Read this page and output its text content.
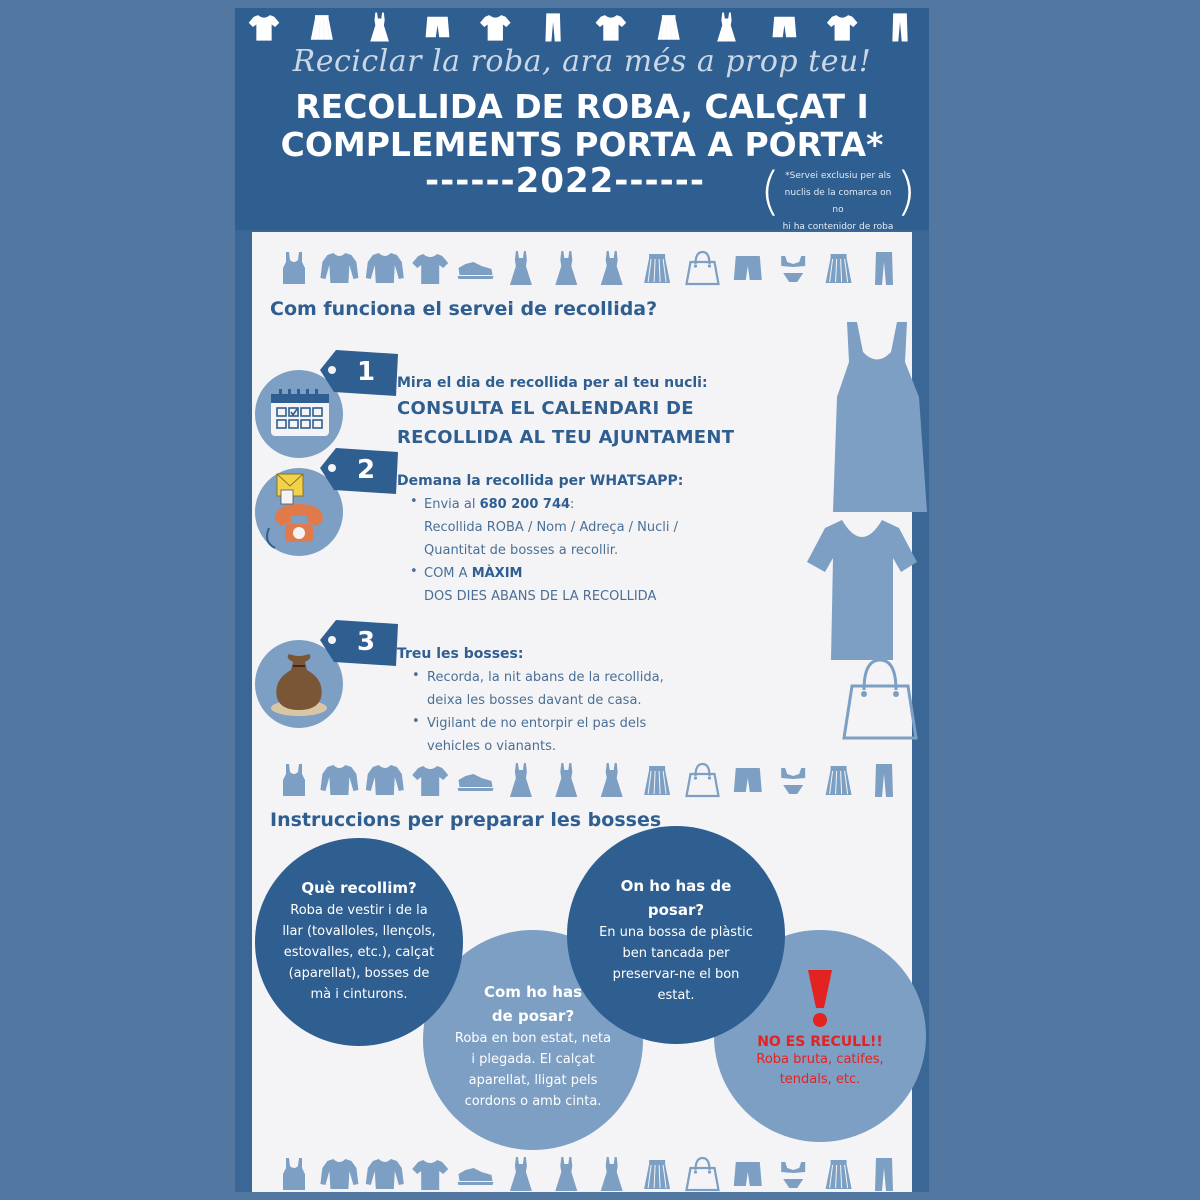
Reciclar la roba, ara més a prop teu!
RECOLLIDA DE ROBA, CALÇAT I
COMPLEMENTS PORTA A PORTA*
------2022------ ( *Servei exclusiu per als
nuclis de la comarca on no
hi ha contenidor de roba
)
Com funciona el servei de recollida?
1	Mira el dia de recollida per al teu nucli:
CONSULTA EL CALENDARI DE
RECOLLIDA AL TEU AJUNTAMENT
2	Demana la recollida per WHATSAPP:
• Envia al 680 200 744:
Recollida ROBA / Nom / Adreça / Nucli /
Quantitat de bosses a recollir.
• COM A MÀXIM
DOS DIES ABANS DE LA RECOLLIDA
3	Treu les bosses:
• Recorda, la nit abans de la recollida,
deixa les bosses davant de casa.
• Vigilant de no entorpir el pas dels
vehicles o vianants.
Instruccions per preparar les bosses
Com ho has
de posar?
Roba en bon estat, neta
i plegada. El calçat
aparellat, lligat pels
cordons o amb cinta.
NO ES RECULL!!
Roba bruta, catifes,
tendals, etc.
Què recollim?
Roba de vestir i de la
llar (tovalloles, llençols,
estovalles, etc.), calçat
(aparellat), bosses de
mà i cinturons.
On ho has de
posar?
En una bossa de plàstic
ben tancada per
preservar-ne el bon
estat.
